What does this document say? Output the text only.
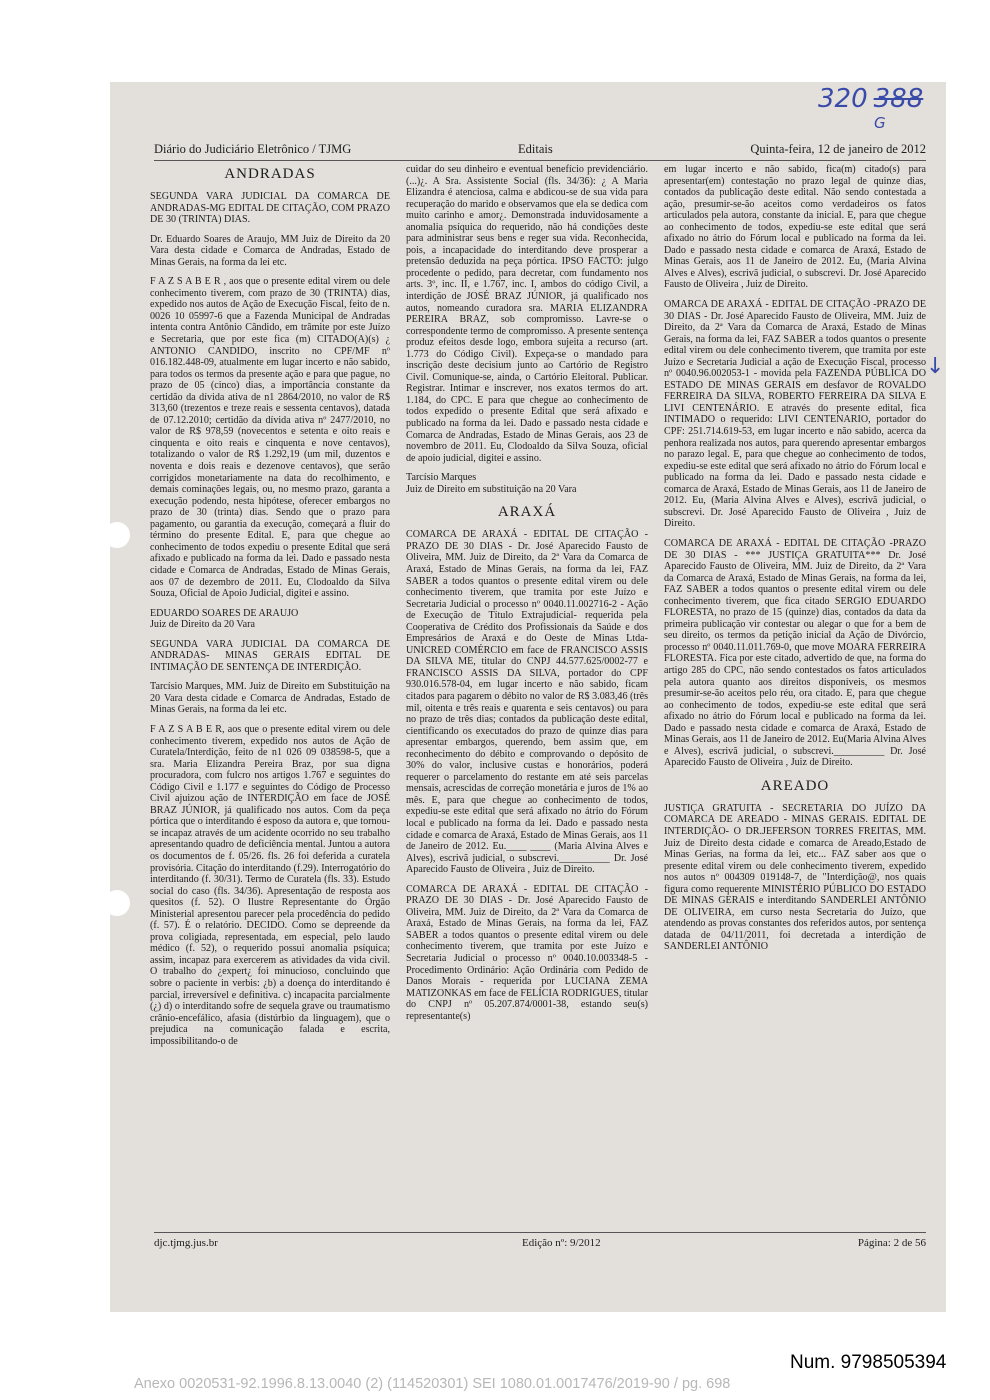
320 388
G
↓
Diário do Judiciário Eletrônico / TJMG	Editais	Quinta-feira, 12 de janeiro de 2012
ANDRADAS

SEGUNDA VARA JUDICIAL DA COMARCA DE ANDRADAS-MG EDITAL DE CITAÇÃO, COM PRAZO DE 30 (TRINTA) DIAS.

Dr. Eduardo Soares de Araujo, MM Juiz de Direito da 20 Vara desta cidade e Comarca de Andradas, Estado de Minas Gerais, na forma da lei etc.

F A Z S A B E R , aos que o presente edital virem ou dele conhecimento tiverem, com prazo de 30 (TRINTA) dias, expedido nos autos de Ação de Execução Fiscal, feito de n. 0026 10 05997-6 que a Fazenda Municipal de Andradas intenta contra Antônio Cândido, em trâmite por este Juízo e Secretaria, que por este fica (m) CITADO(A)(s) ¿ ANTONIO CANDIDO, inscrito no CPF/MF nº 016.182.448-09, atualmente em lugar incerto e não sabido, para todos os termos da presente ação e para que pague, no prazo de 05 (cinco) dias, a importância constante da certidão da dívida ativa de n1 2864/2010, no valor de R$ 313,60 (trezentos e treze reais e sessenta centavos), datada de 07.12.2010; certidão da dívida ativa nº 2477/2010, no valor de R$ 978,59 (novecentos e setenta e oito reais e cinquenta e oito reais e cinquenta e nove centavos), totalizando o valor de R$ 1.292,19 (um mil, duzentos e noventa e dois reais e dezenove centavos), que serão corrigidos monetariamente na data do recolhimento, e demais cominações legais, ou, no mesmo prazo, garanta a execução podendo, nesta hipótese, oferecer embargos no prazo de 30 (trinta) dias. Sendo que o prazo para pagamento, ou garantia da execução, começará a fluir do término do presente Edital. E, para que chegue ao conhecimento de todos expediu o presente Edital que será afixado e publicado na forma da lei. Dado e passado nesta cidade e Comarca de Andradas, Estado de Minas Gerais, aos 07 de dezembro de 2011. Eu, Clodoaldo da Silva Souza, Oficial de Apoio Judicial, digitei e assino.

EDUARDO SOARES DE ARAUJO
Juiz de Direito da 20 Vara

SEGUNDA VARA JUDICIAL DA COMARCA DE ANDRADAS- MINAS GERAIS EDITAL DE INTIMAÇÃO DE SENTENÇA DE INTERDIÇÃO.

Tarcísio Marques, MM. Juiz de Direito em Substituição na 20 Vara desta cidade e Comarca de Andradas, Estado de Minas Gerais, na forma da lei etc.

F A Z S A B E R, aos que o presente edital virem ou dele conhecimento tiverem, expedido nos autos de Ação de Curatela/Interdição, feito de n1 026 09 038598-5, que a sra. Maria Elizandra Pereira Braz, por sua digna procuradora, com fulcro nos artigos 1.767 e seguintes do Código Civil e 1.177 e seguintes do Código de Processo Civil ajuizou ação de INTERDIÇÃO em face de JOSÉ BRAZ JÚNIOR, já qualificado nos autos. Com da peça pórtica que o interditando é esposo da autora e, que tornou-se incapaz através de um acidente ocorrido no seu trabalho apresentando quadro de deficiência mental. Juntou a autora os documentos de f. 05/26. fls. 26 foi deferida a curatela provisória. Citação do interditando (f.29). Interrogatório do interditando (f. 30/31). Termo de Curatela (fls. 33). Estudo social do caso (fls. 34/36). Apresentação de resposta aos quesitos (f. 52). O Ilustre Representante do Órgão Ministerial apresentou parecer pela procedência do pedido (f. 57). É o relatório. DECIDO. Como se depreende da prova coligiada, representada, em especial, pelo laudo médico (f. 52), o requerido possui anomalia psíquica; assim, incapaz para exercerem as atividades da vida civil. O trabalho do ¿expert¿ foi minucioso, concluindo que sobre o paciente in verbis: ¿b) a doença do interditando é parcial, irreversível e definitiva. c) incapacita parcialmente (¿) d) o interditando sofre de sequela grave ou traumatismo crânio-encefálico, afasia (distúrbio da linguagem), que o prejudica na comunicação falada e escrita, impossibilitando-o de

cuidar do seu dinheiro e eventual benefício previdenciário. (...)¿. A Sra. Assistente Social (fls. 34/36): ¿ A Maria Elizandra é atenciosa, calma e abdicou-se de sua vida para recuperação do marido e observamos que ela se dedica com muito carinho e amor¿. Demonstrada induvidosamente a anomalia psíquica do requerido, não há condições deste para administrar seus bens e reger sua vida. Reconhecida, pois, a incapacidade do interditando deve prosperar a pretensão deduzida na peça pórtica. IPSO FACTO: julgo procedente o pedido, para decretar, com fundamento nos arts. 3º, inc. II, e 1.767, inc. I, ambos do código Civil, a interdição de JOSÉ BRAZ JÚNIOR, já qualificado nos autos, nomeando curadora sra. MARIA ELIZANDRA PEREIRA BRAZ, sob compromisso. Lavre-se o correspondente termo de compromisso. A presente sentença produz efeitos desde logo, embora sujeita a recurso (art. 1.773 do Código Civil). Expeça-se o mandado para inscrição deste decisium junto ao Cartório de Registro Civil. Comunique-se, ainda, o Cartório Eleitoral. Publicar. Registrar. Intimar e inscrever, nos exatos termos do art. 1.184, do CPC. E para que chegue ao conhecimento de todos expedido o presente Edital que será afixado e publicado na forma da lei. Dado e passado nesta cidade e Comarca de Andradas, Estado de Minas Gerais, aos 23 de novembro de 2011. Eu, Clodoaldo da Silva Souza, oficial de apoio judicial, digitei e assino.

Tarcísio Marques
Juiz de Direito em substituição na 20 Vara
ARAXÁ

COMARCA DE ARAXÁ - EDITAL DE CITAÇÃO -PRAZO DE 30 DIAS - Dr. José Aparecido Fausto de Oliveira, MM. Juiz de Direito, da 2ª Vara da Comarca de Araxá, Estado de Minas Gerais, na forma da lei, FAZ SABER a todos quantos o presente edital virem ou dele conhecimento tiverem, que tramita por este Juízo e Secretaria Judicial o processo nº 0040.11.002716-2 - Ação de Execução de Título Extrajudicial- requerida pela Cooperativa de Crédito dos Profissionais da Saúde e dos Empresários de Araxá e do Oeste de Minas Ltda-UNICRED COMÉRCIO em face de FRANCISCO ASSIS DA SILVA ME, titular do CNPJ 44.577.625/0002-77 e FRANCISCO ASSIS DA SILVA, portador do CPF 930.016.578-04, em lugar incerto e não sabido, ficam citados para pagarem o débito no valor de R$ 3.083,46 (três mil, oitenta e três reais e quarenta e seis centavos) ou para no prazo de três dias; contados da publicação deste edital, cientificando os executados do prazo de quinze dias para apresentar embargos, querendo, bem assim que, em reconhecimento do débito e comprovando o depósito de 30% do valor, inclusive custas e honorários, poderá requerer o parcelamento do restante em até seis parcelas mensais, acrescidas de correção monetária e juros de 1% ao mês. E, para que chegue ao conhecimento de todos, expediu-se este edital que será afixado no átrio do Fórum local e publicado na forma da lei. Dado e passado nesta cidade e comarca de Araxá, Estado de Minas Gerais, aos 11 de Janeiro de 2012. Eu.____ ____ (Maria Alvina Alves e Alves), escrivã judicial, o subscrevi.__________ Dr. José Aparecido Fausto de Oliveira , Juiz de Direito.

COMARCA DE ARAXÁ - EDITAL DE CITAÇÃO -PRAZO DE 30 DIAS - Dr. José Aparecido Fausto de Oliveira, MM. Juiz de Direito, da 2ª Vara da Comarca de Araxá, Estado de Minas Gerais, na forma da lei, FAZ SABER a todos quantos o presente edital virem ou dele conhecimento tiverem, que tramita por este Juízo e Secretaria Judicial o processo nº 0040.10.003348-5 - Procedimento Ordinário: Ação Ordinária com Pedido de Danos Morais - requerida por LUCIANA ZEMA MATIZONKAS em face de FELÍCIA RODRIGUES, titular do CNPJ nº 05.207.874/0001-38, estando seu(s) representante(s)

em lugar incerto e não sabido, fica(m) citado(s) para apresentar(em) contestação no prazo legal de quinze dias, contados da publicação deste edital. Não sendo contestada a ação, presumir-se-ão aceitos como verdadeiros os fatos articulados pela autora, constante da inicial. E, para que chegue ao conhecimento de todos, expediu-se este edital que será afixado no átrio do Fórum local e publicado na forma da lei. Dado e passado nesta cidade e comarca de Araxá, Estado de Minas Gerais, aos 11 de Janeiro de 2012. Eu, (Maria Alvina Alves e Alves), escrivã judicial, o subscrevi. Dr. José Aparecido Fausto de Oliveira , Juiz de Direito.

OMARCA DE ARAXÁ - EDITAL DE CITAÇÃO -PRAZO DE 30 DIAS - Dr. José Aparecido Fausto de Oliveira, MM. Juiz de Direito, da 2ª Vara da Comarca de Araxá, Estado de Minas Gerais, na forma da lei, FAZ SABER a todos quantos o presente edital virem ou dele conhecimento tiverem, que tramita por este Juízo e Secretaria Judicial a ação de Execução Fiscal, processo nº 0040.96.002053-1 - movida pela FAZENDA PÚBLICA DO ESTADO DE MINAS GERAIS em desfavor de ROVALDO FERREIRA DA SILVA, ROBERTO FERREIRA DA SILVA E LIVI CENTENÁRIO. E através do presente edital, fica INTIMADO o requerido: LIVI CENTENARIO, portador do CPF: 251.714.619-53, em lugar incerto e não sabido, acerca da penhora realizada nos autos, para querendo apresentar embargos no parazo legal. E, para que chegue ao conhecimento de todos, expediu-se este edital que será afixado no átrio do Fórum local e publicado na forma da lei. Dado e passado nesta cidade e comarca de Araxá, Estado de Minas Gerais, aos 11 de Janeiro de 2012. Eu, (Maria Alvina Alves e Alves), escrivã judicial, o subscrevi. Dr. José Aparecido Fausto de Oliveira , Juiz de Direito.

COMARCA DE ARAXÁ - EDITAL DE CITAÇÃO -PRAZO DE 30 DIAS - *** JUSTIÇA GRATUITA*** Dr. José Aparecido Fausto de Oliveira, MM. Juiz de Direito, da 2ª Vara da Comarca de Araxá, Estado de Minas Gerais, na forma da lei, FAZ SABER a todos quantos o presente edital virem ou dele conhecimento tiverem, que fica citado SERGIO EDUARDO FLORESTA, no prazo de 15 (quinze) dias, contados da data da primeira publicação vir contestar ou alegar o que for a bem de seu direito, os termos da petição inicial da Ação de Divórcio, processo nº 0040.11.011.769-0, que move MOARA FERREIRA FLORESTA. Fica por este citado, advertido de que, na forma do artigo 285 do CPC, não sendo contestados os fatos articulados pela autora quanto aos direitos disponíveis, os mesmos presumir-se-ão aceitos pelo réu, ora citado. E, para que chegue ao conhecimento de todos, expediu-se este edital que será afixado no átrio do Fórum local e publicado na forma da lei. Dado e passado nesta cidade e comarca de Araxá, Estado de Minas Gerais, aos 11 de Janeiro de 2012. Eu(Maria Alvina Alves e Alves), escrivã judicial, o subscrevi.__________ Dr. José Aparecido Fausto de Oliveira , Juiz de Direito.

AREADO

JUSTIÇA GRATUITA - SECRETARIA DO JUÍZO DA COMARCA DE AREADO - MINAS GERAIS. EDITAL DE INTERDIÇÃO- O DR.JEFERSON TORRES FREITAS, MM. Juiz de Direito desta cidade e comarca de Areado,Estado de Minas Gerias, na forma da lei, etc... FAZ saber aos que o presente edital virem ou dele conhecimento tiverem, expedido nos autos nº 004309 019148-7, de "Interdição@, nos quais figura como requerente MINISTÉRIO PÚBLICO DO ESTADO DE MINAS GERAIS e interditando SANDERLEI ANTÔNIO DE OLIVEIRA, em curso nesta Secretaria do Juízo, que atendendo as provas constantes dos referidos autos, por sentença datada de 04/11/2011, foi decretada a interdição de SANDERLEI ANTÔNIO

djc.tjmg.jus.br	Edição nº: 9/2012	Página: 2 de 56
Num. 9798505394
Anexo 0020531-92.1996.8.13.0040 (2) (114520301) SEI 1080.01.0017476/2019-90 / pg. 698
